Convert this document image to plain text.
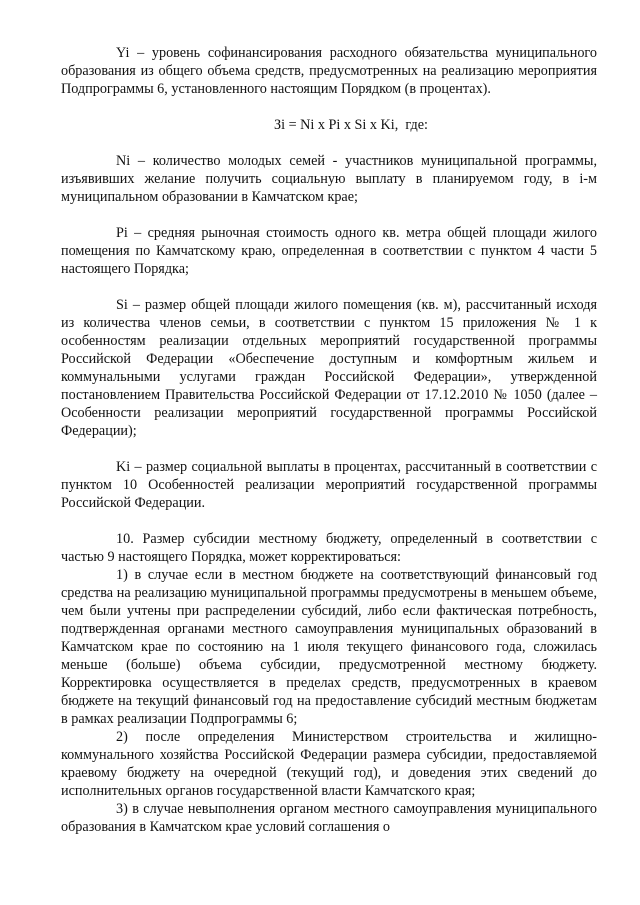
Yi – уровень софинансирования расходного обязательства муниципального образования из общего объема средств, предусмотренных на реализацию мероприятия Подпрограммы 6, установленного настоящим Порядком (в процентах).

Зi = Ni x Pi x Si x Ki,  где:

Ni – количество молодых семей - участников муниципальной программы, изъявивших желание получить социальную выплату в планируемом году, в i-м муниципальном образовании в Камчатском крае;

Pi – средняя рыночная стоимость одного кв. метра общей площади жилого помещения по Камчатскому краю, определенная в соответствии с пунктом 4 части 5 настоящего Порядка;

Si – размер общей площади жилого помещения (кв. м), рассчитанный исходя из количества членов семьи, в соответствии с пунктом 15 приложения № 1 к особенностям реализации отдельных мероприятий государственной программы Российской Федерации «Обеспечение доступным и комфортным жильем и коммунальными услугами граждан Российской Федерации», утвержденной постановлением Правительства Российской Федерации от 17.12.2010 № 1050 (далее – Особенности реализации мероприятий государственной программы Российской Федерации);

Ki – размер социальной выплаты в процентах, рассчитанный в соответствии с пунктом 10 Особенностей реализации мероприятий государственной программы Российской Федерации.

10. Размер субсидии местному бюджету, определенный в соответствии с частью 9 настоящего Порядка, может корректироваться:

1) в случае если в местном бюджете на соответствующий финансовый год средства на реализацию муниципальной программы предусмотрены в меньшем объеме, чем были учтены при распределении субсидий, либо если фактическая потребность, подтвержденная органами местного самоуправления муниципальных образований в Камчатском крае по состоянию на 1 июля текущего финансового года, сложилась меньше (больше) объема субсидии, предусмотренной местному бюджету. Корректировка осуществляется в пределах средств, предусмотренных в краевом бюджете на текущий финансовый год на предоставление субсидий местным бюджетам в рамках реализации Подпрограммы 6;

2) после определения Министерством строительства и жилищно-коммунального хозяйства Российской Федерации размера субсидии, предоставляемой краевому бюджету на очередной (текущий год), и доведения этих сведений до исполнительных органов государственной власти Камчатского края;

3) в случае невыполнения органом местного самоуправления муниципального образования в Камчатском крае условий соглашения о
